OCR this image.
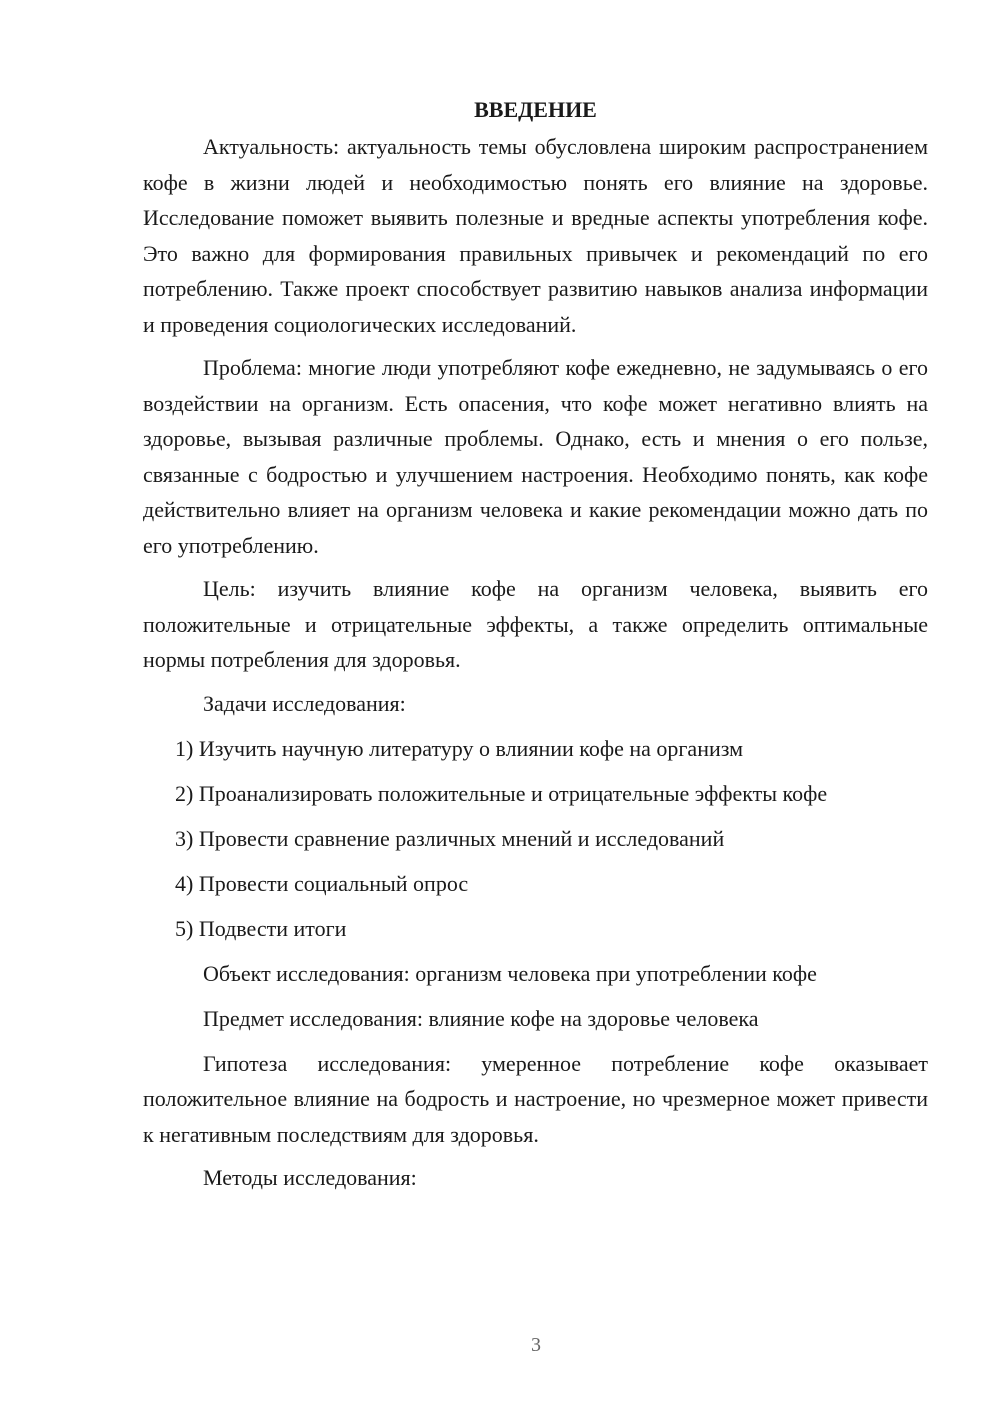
ВВЕДЕНИЕ

Актуальность: актуальность темы обусловлена широким распространением кофе в жизни людей и необходимостью понять его влияние на здоровье. Исследование поможет выявить полезные и вредные аспекты употребления кофе. Это важно для формирования правильных привычек и рекомендаций по его потреблению. Также проект способствует развитию навыков анализа информации и проведения социологических исследований.

Проблема: многие люди употребляют кофе ежедневно, не задумываясь о его воздействии на организм. Есть опасения, что кофе может негативно влиять на здоровье, вызывая различные проблемы. Однако, есть и мнения о его пользе, связанные с бодростью и улучшением настроения. Необходимо понять, как кофе действительно влияет на организм человека и какие рекомендации можно дать по его употреблению.

Цель: изучить влияние кофе на организм человека, выявить его положительные и отрицательные эффекты, а также определить оптимальные нормы потребления для здоровья.

Задачи исследования:

1) Изучить научную литературу о влиянии кофе на организм
2) Проанализировать положительные и отрицательные эффекты кофе
3) Провести сравнение различных мнений и исследований
4) Провести социальный опрос
5) Подвести итоги

Объект исследования: организм человека при употреблении кофе

Предмет исследования: влияние кофе на здоровье человека

Гипотеза исследования: умеренное потребление кофе оказывает положительное влияние на бодрость и настроение, но чрезмерное может привести к негативным последствиям для здоровья.

Методы исследования:

3
